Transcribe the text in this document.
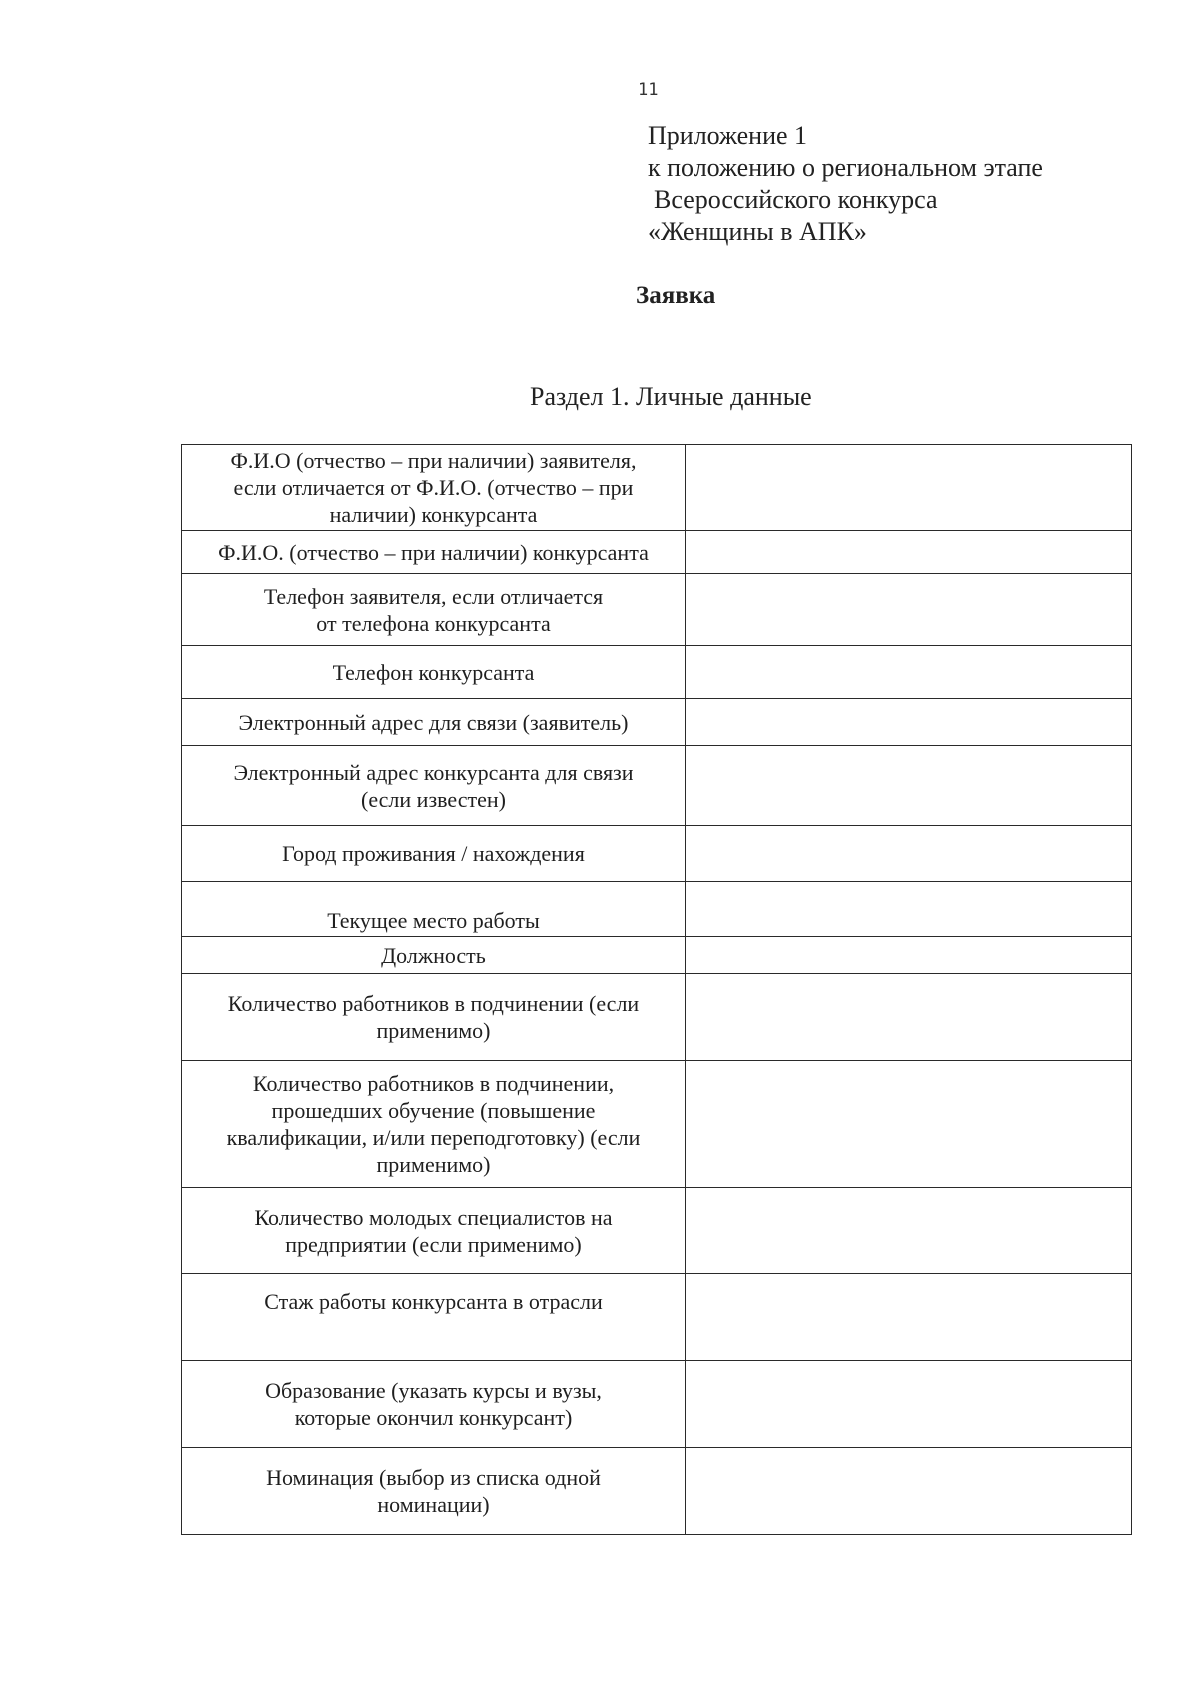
11
Приложение 1
к положению о региональном этапе
Всероссийского конкурса
«Женщины в АПК»
Заявка
Раздел 1. Личные данные
Ф.И.О (отчество – при наличии) заявителя,
если отличается от Ф.И.О. (отчество – при
наличии) конкурсанта	

Ф.И.О. (отчество – при наличии) конкурсанта	

Телефон заявителя, если отличается
от телефона конкурсанта	

Телефон конкурсанта	

Электронный адрес для связи (заявитель)	

Электронный адрес конкурсанта для связи
(если известен)	

Город проживания / нахождения	

Текущее место работы	

Должность	

Количество работников в подчинении (если
применимо)	

Количество работников в подчинении,
прошедших обучение (повышение
квалификации, и/или переподготовку) (если
применимо)	

Количество молодых специалистов на
предприятии (если применимо)	

Стаж работы конкурсанта в отрасли	

Образование (указать курсы и вузы,
которые окончил конкурсант)	

Номинация (выбор из списка одной
номинации)	
